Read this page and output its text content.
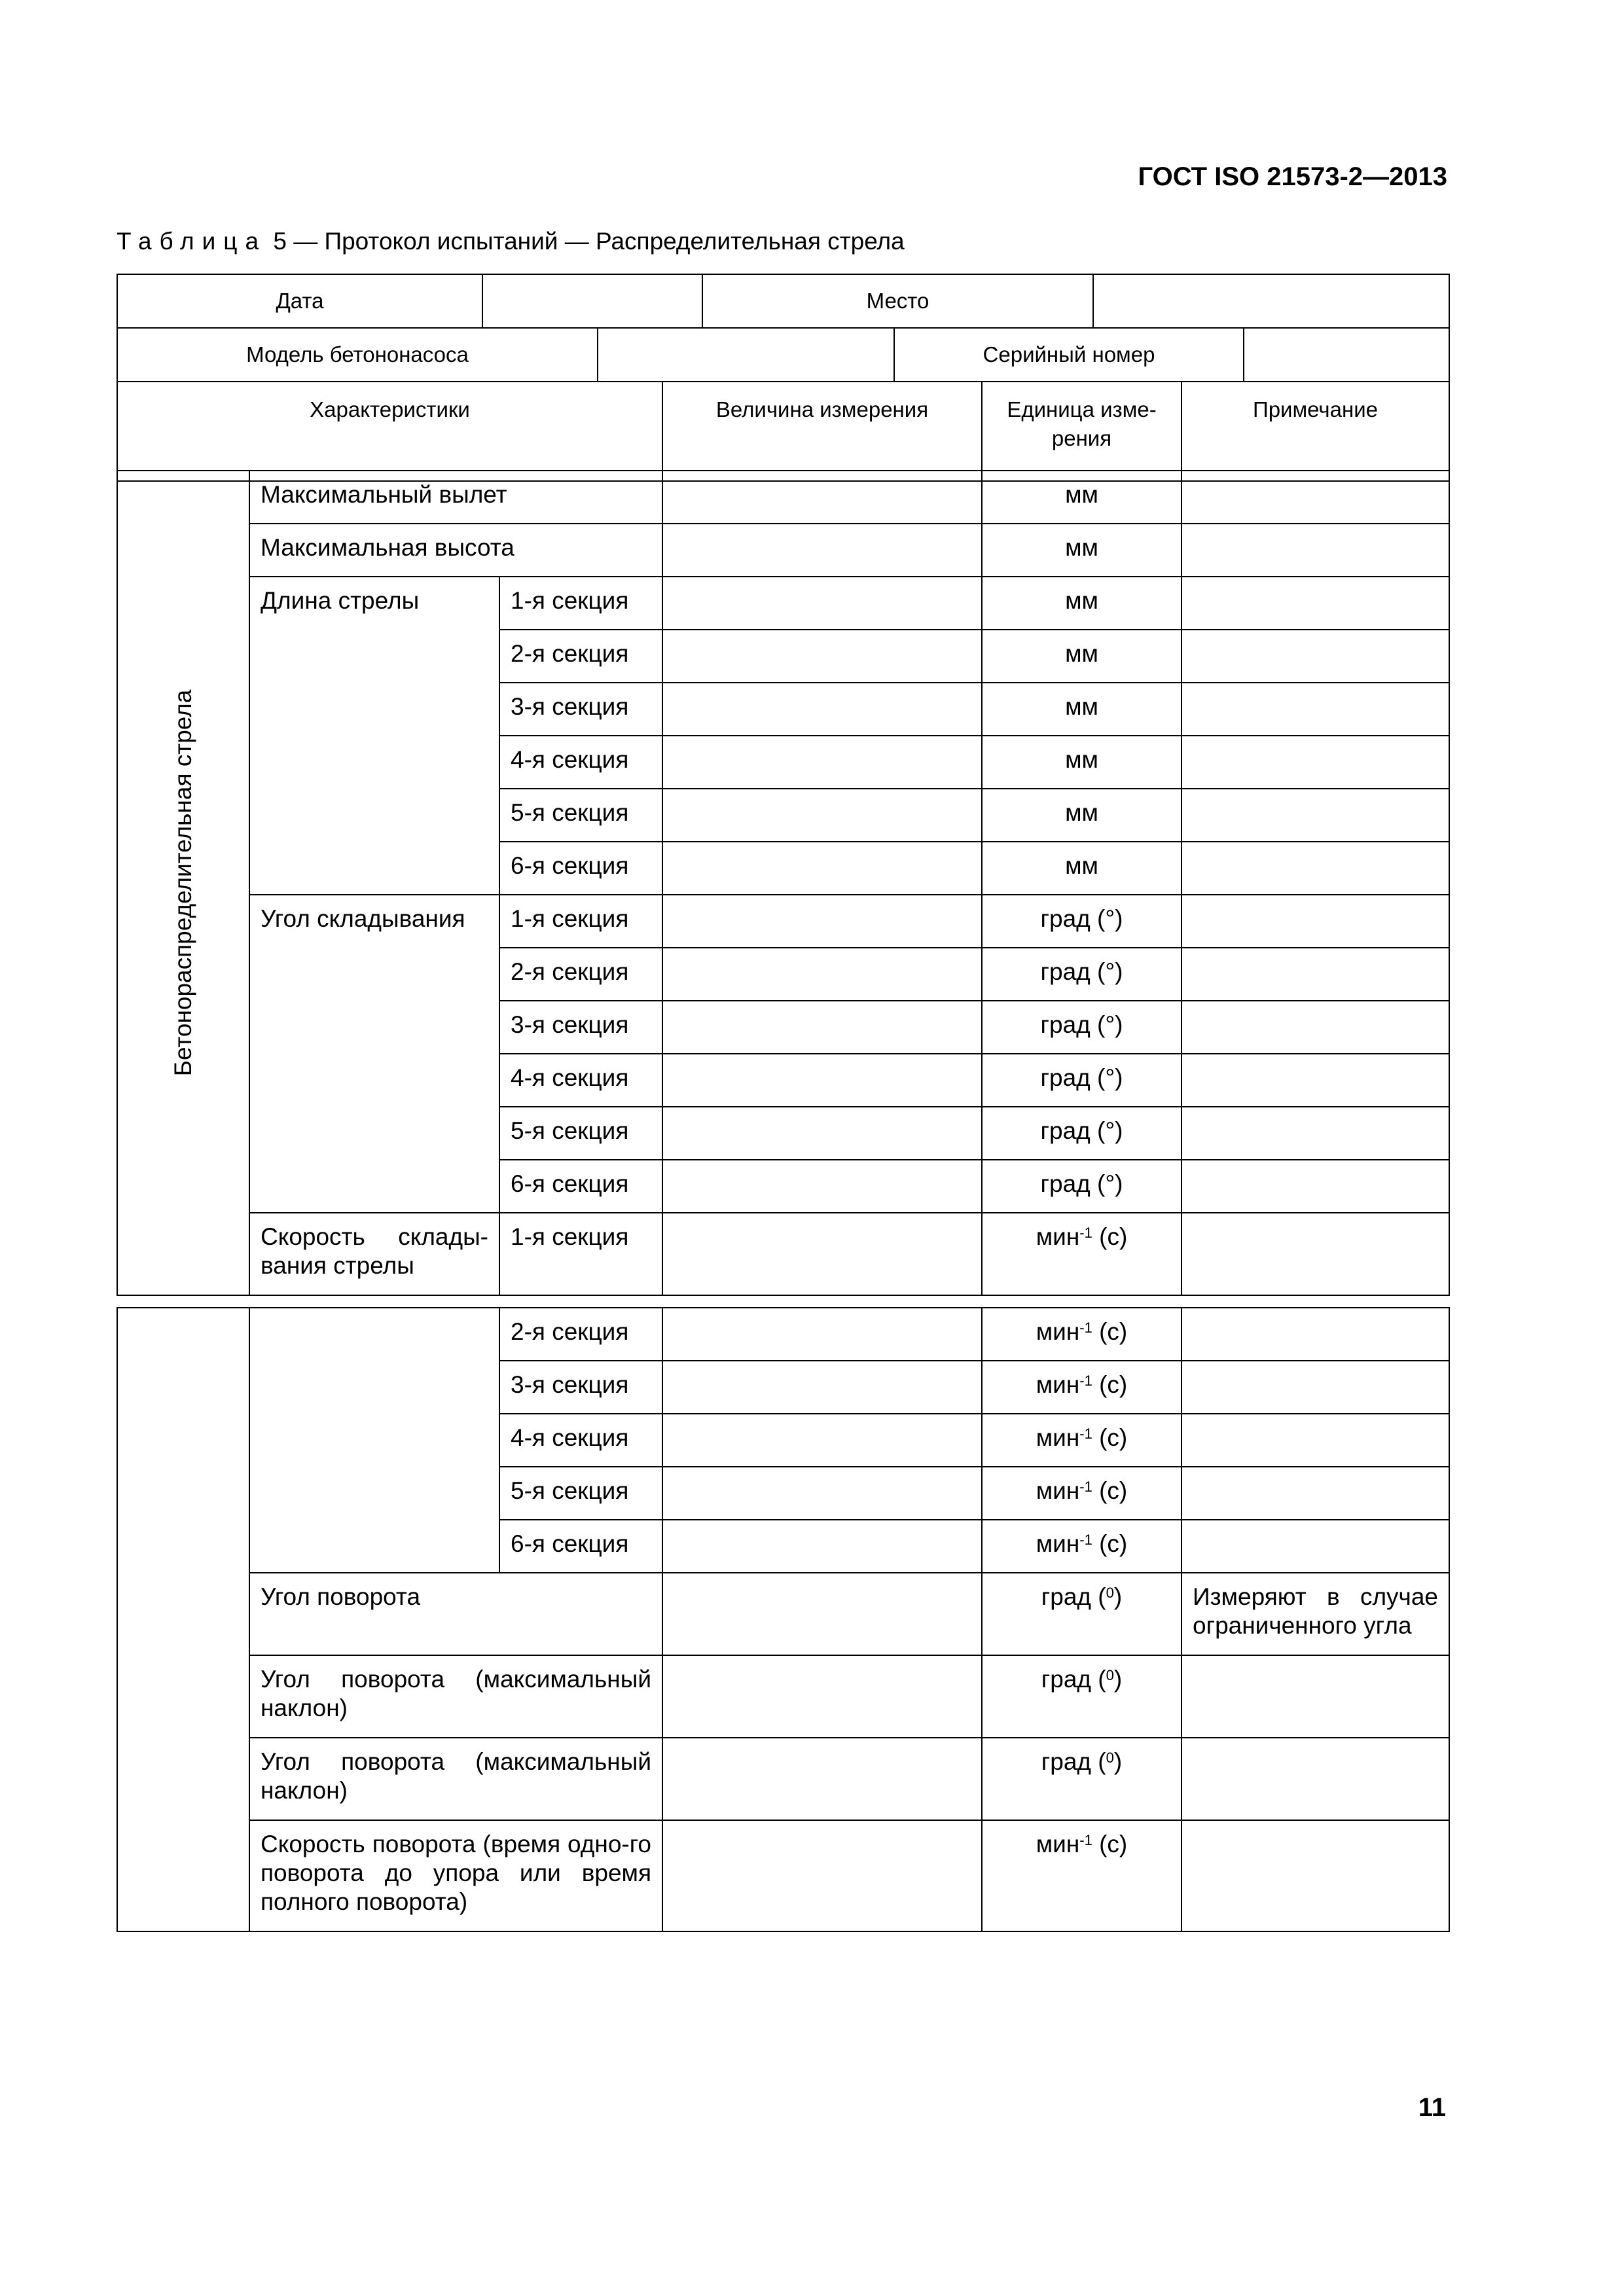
ГОСТ ISO 21573-2—2013
Таблица 5 — Протокол испытаний — Распределительная стрела
Дата			Место			
Модель бетононасоса				Серийный номер		
Характеристики	Величина измерения	Единица изме-рения	Примечание
Бетонораспределительная стрела	Максимальный вылет			мм	
	Максимальная высота			мм	
	Длина стрелы	1-я секция		мм	
		2-я секция		мм	
		3-я секция		мм	
		4-я секция		мм	
		5-я секция		мм	
		6-я секция		мм	
	Угол складывания	1-я секция		град (°)	
		2-я секция		град (°)	
		3-я секция		град (°)	
		4-я секция		град (°)	
		5-я секция		град (°)	
		6-я секция		град (°)	
	Скорость склады-вания стрелы	1-я секция		мин$^{-1}$ (с)	
		2-я секция		мин$^{-1}$ (с)	
		3-я секция		мин$^{-1}$ (с)	
		4-я секция		мин$^{-1}$ (с)	
		5-я секция		мин$^{-1}$ (с)	
		6-я секция		мин$^{-1}$ (с)	
	Угол поворота			град ($^0$)	Измеряют в случае ограниченного угла
	Угол поворота (максимальный наклон)			град ($^0$)	
	Угол поворота (максимальный наклон)			град ($^0$)	
	Скорость поворота (время одно-го поворота до упора или время полного поворота)			мин$^{-1}$ (с)	
11
